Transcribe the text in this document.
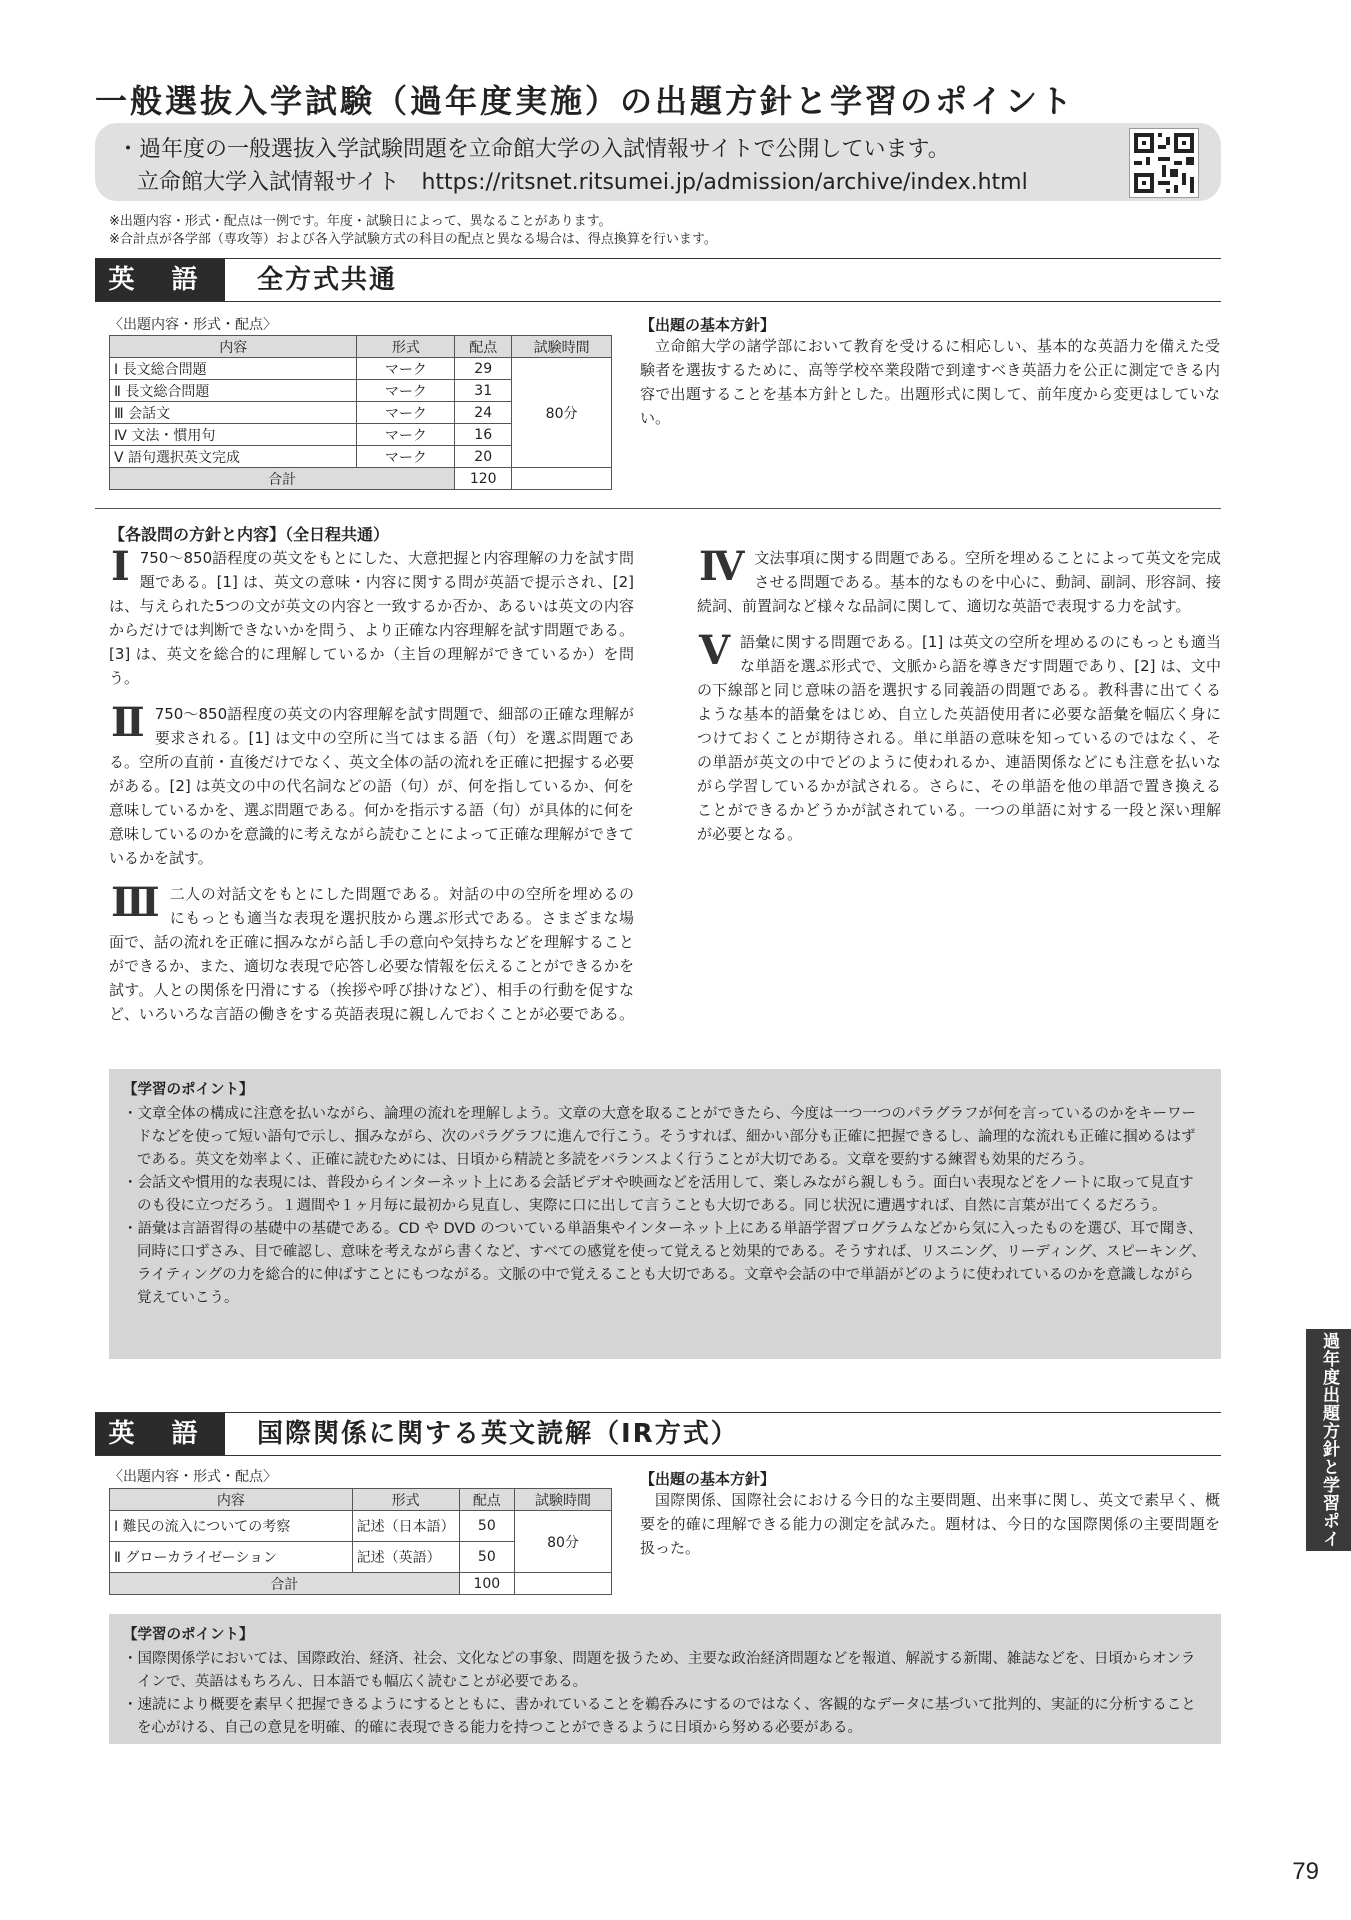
一般選抜入学試験（過年度実施）の出題方針と学習のポイント
・過年度の一般選抜入学試験問題を立命館大学の入試情報サイトで公開しています。
立命館大学入試情報サイト　https://ritsnet.ritsumei.jp/admission/archive/index.html
※出題内容・形式・配点は一例です。年度・試験日によって、異なることがあります。
※合計点が各学部（専攻等）および各入学試験方式の科目の配点と異なる場合は、得点換算を行います。
英 語	全方式共通
〈出題内容・形式・配点〉
内容	形式	配点	試験時間
Ⅰ 長文総合問題	マーク	29	80分
Ⅱ 長文総合問題	マーク	31	
Ⅲ 会話文	マーク	24	
Ⅳ 文法・慣用句	マーク	16	
Ⅴ 語句選択英文完成	マーク	20	
合計		120	
【出題の基本方針】

立命館大学の諸学部において教育を受けるに相応しい、基本的な英語力を備えた受験者を選抜するために、高等学校卒業段階で到達すべき英語力を公正に測定できる内容で出題することを基本方針とした。出題形式に関して、前年度から変更はしていない。

【各設問の方針と内容】（全日程共通）
Ⅰ 750〜850語程度の英文をもとにした、大意把握と内容理解の力を試す問題である。[1] は、英文の意味・内容に関する問が英語で提示され、[2] は、与えられた5つの文が英文の内容と一致するか否か、あるいは英文の内容からだけでは判断できないかを問う、より正確な内容理解を試す問題である。[3] は、英文を総合的に理解しているか（主旨の理解ができているか）を問う。
Ⅱ 750〜850語程度の英文の内容理解を試す問題で、細部の正確な理解が要求される。[1] は文中の空所に当てはまる語（句）を選ぶ問題である。空所の直前・直後だけでなく、英文全体の話の流れを正確に把握する必要がある。[2] は英文の中の代名詞などの語（句）が、何を指しているか、何を意味しているかを、選ぶ問題である。何かを指示する語（句）が具体的に何を意味しているのかを意識的に考えながら読むことによって正確な理解ができているかを試す。
Ⅲ 二人の対話文をもとにした問題である。対話の中の空所を埋めるのにもっとも適当な表現を選択肢から選ぶ形式である。さまざまな場面で、話の流れを正確に掴みながら話し手の意向や気持ちなどを理解することができるか、また、適切な表現で応答し必要な情報を伝えることができるかを試す。人との関係を円滑にする（挨拶や呼び掛けなど）、相手の行動を促すなど、いろいろな言語の働きをする英語表現に親しんでおくことが必要である。
Ⅳ 文法事項に関する問題である。空所を埋めることによって英文を完成させる問題である。基本的なものを中心に、動詞、副詞、形容詞、接続詞、前置詞など様々な品詞に関して、適切な英語で表現する力を試す。
Ⅴ 語彙に関する問題である。[1] は英文の空所を埋めるのにもっとも適当な単語を選ぶ形式で、文脈から語を導きだす問題であり、[2] は、文中の下線部と同じ意味の語を選択する同義語の問題である。教科書に出てくるような基本的語彙をはじめ、自立した英語使用者に必要な語彙を幅広く身につけておくことが期待される。単に単語の意味を知っているのではなく、その単語が英文の中でどのように使われるか、連語関係などにも注意を払いながら学習しているかが試される。さらに、その単語を他の単語で置き換えることができるかどうかが試されている。一つの単語に対する一段と深い理解が必要となる。
【学習のポイント】
・文章全体の構成に注意を払いながら、論理の流れを理解しよう。文章の大意を取ることができたら、今度は一つ一つのパラグラフが何を言っているのかをキーワードなどを使って短い語句で示し、掴みながら、次のパラグラフに進んで行こう。そうすれば、細かい部分も正確に把握できるし、論理的な流れも正確に掴めるはずである。英文を効率よく、正確に読むためには、日頃から精読と多読をバランスよく行うことが大切である。文章を要約する練習も効果的だろう。
・会話文や慣用的な表現には、普段からインターネット上にある会話ビデオや映画などを活用して、楽しみながら親しもう。面白い表現などをノートに取って見直すのも役に立つだろう。１週間や１ヶ月毎に最初から見直し、実際に口に出して言うことも大切である。同じ状況に遭遇すれば、自然に言葉が出てくるだろう。
・語彙は言語習得の基礎中の基礎である。CD や DVD のついている単語集やインターネット上にある単語学習プログラムなどから気に入ったものを選び、耳で聞き、同時に口ずさみ、目で確認し、意味を考えながら書くなど、すべての感覚を使って覚えると効果的である。そうすれば、リスニング、リーディング、スピーキング、ライティングの力を総合的に伸ばすことにもつながる。文脈の中で覚えることも大切である。文章や会話の中で単語がどのように使われているのかを意識しながら覚えていこう。
英 語	国際関係に関する英文読解（IR方式）
〈出題内容・形式・配点〉
内容	形式	配点	試験時間
Ⅰ 難民の流入についての考察	記述（日本語）	50	80分
Ⅱ グローカライゼーション	記述（英語）	50	
合計		100	
【出題の基本方針】

国際関係、国際社会における今日的な主要問題、出来事に関し、英文で素早く、概要を的確に理解できる能力の測定を試みた。題材は、今日的な国際関係の主要問題を扱った。

【学習のポイント】
・国際関係学においては、国際政治、経済、社会、文化などの事象、問題を扱うため、主要な政治経済問題などを報道、解説する新聞、雑誌などを、日頃からオンラインで、英語はもちろん、日本語でも幅広く読むことが必要である。
・速読により概要を素早く把握できるようにするとともに、書かれていることを鵜呑みにするのではなく、客観的なデータに基づいて批判的、実証的に分析することを心がける、自己の意見を明確、的確に表現できる能力を持つことができるように日頃から努める必要がある。
過年度出題方針と学習ポイント
79
